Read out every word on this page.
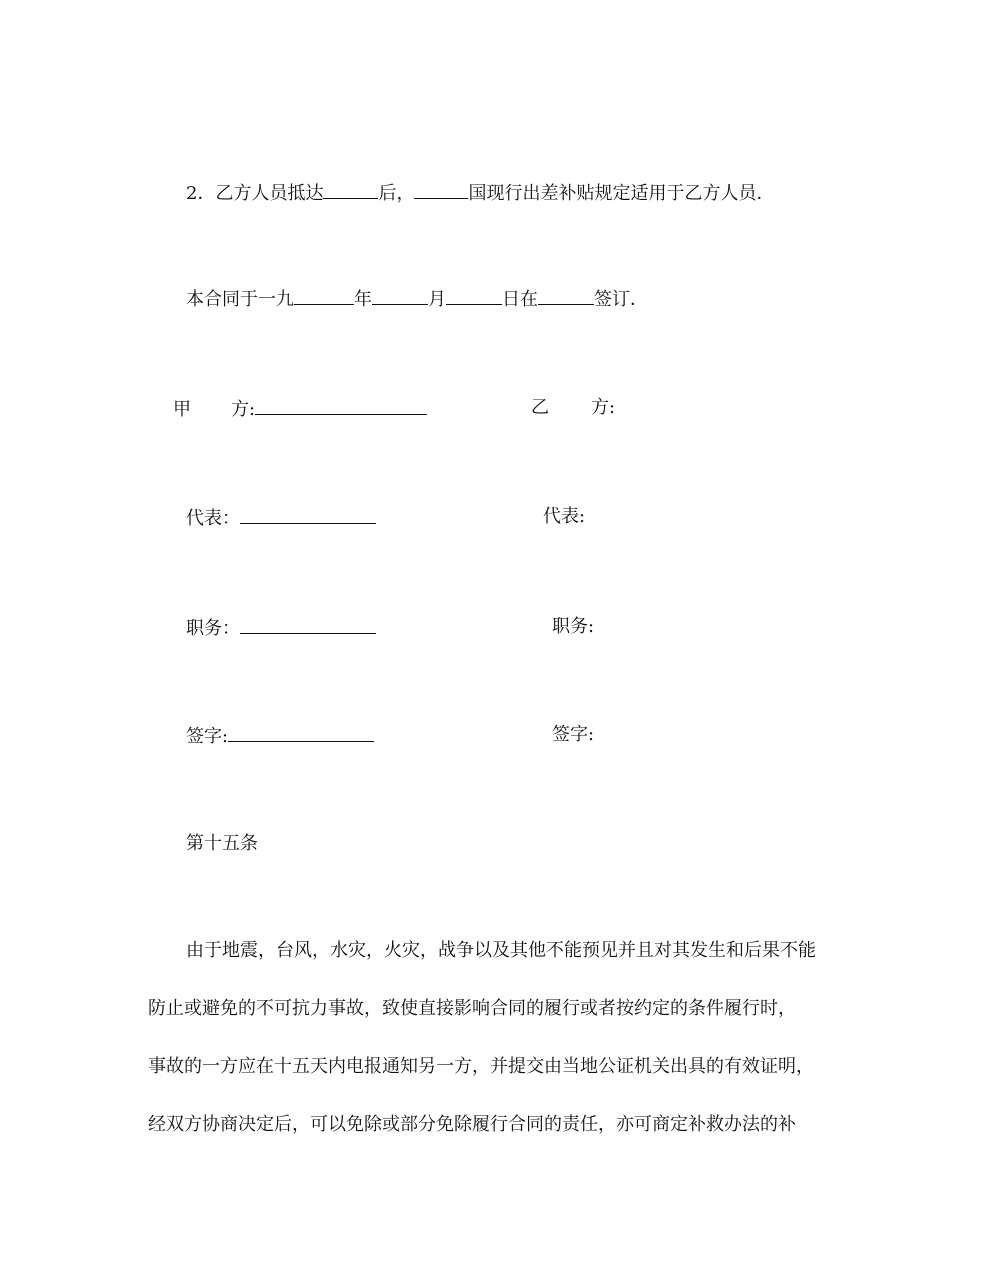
2．乙方人员抵达	后，	国现行出差补贴规定适用于乙方人员．
本合同于一九	年	月	日在	签订．
甲 方:	乙 方:
代表：	代表:
职务：	职务:
签字:	签字:
第十五条
由于地震，台风，水灾，火灾，战争以及其他不能预见并且对其发生和后果不能
防止或避免的不可抗力事故，致使直接影响合同的履行或者按约定的条件履行时，
事故的一方应在十五天内电报通知另一方，并提交由当地公证机关出具的有效证明，
经双方协商决定后，可以免除或部分免除履行合同的责任，亦可商定补救办法的补
